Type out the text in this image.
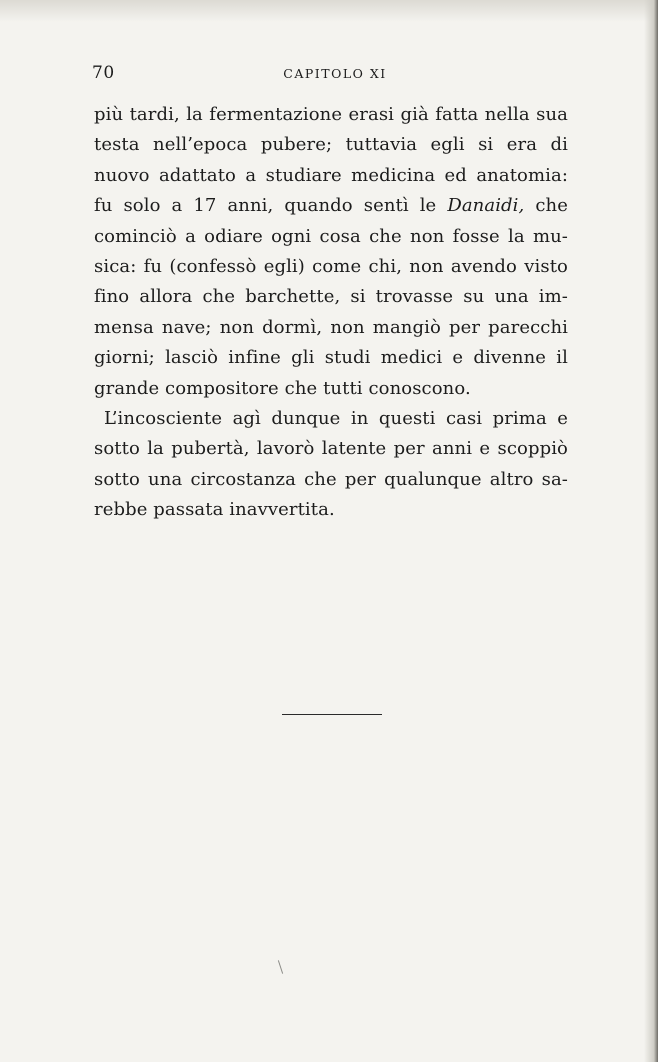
70	CAPITOLO XI
più tardi, la fermentazione erasi già fatta nella sua
testa nell’epoca pubere; tuttavia egli si era di
nuovo adattato a studiare medicina ed anatomia:
fu solo a 17 anni, quando sentì le Danaidi, che
cominciò a odiare ogni cosa che non fosse la mu-
sica: fu (confessò egli) come chi, non avendo visto
fino allora che barchette, si trovasse su una im-
mensa nave; non dormì, non mangiò per parecchi
giorni; lasciò infine gli studi medici e divenne il
grande compositore che tutti conoscono.
L’incosciente agì dunque in questi casi prima e
sotto la pubertà, lavorò latente per anni e scoppiò
sotto una circostanza che per qualunque altro sa-
rebbe passata inavvertita.
